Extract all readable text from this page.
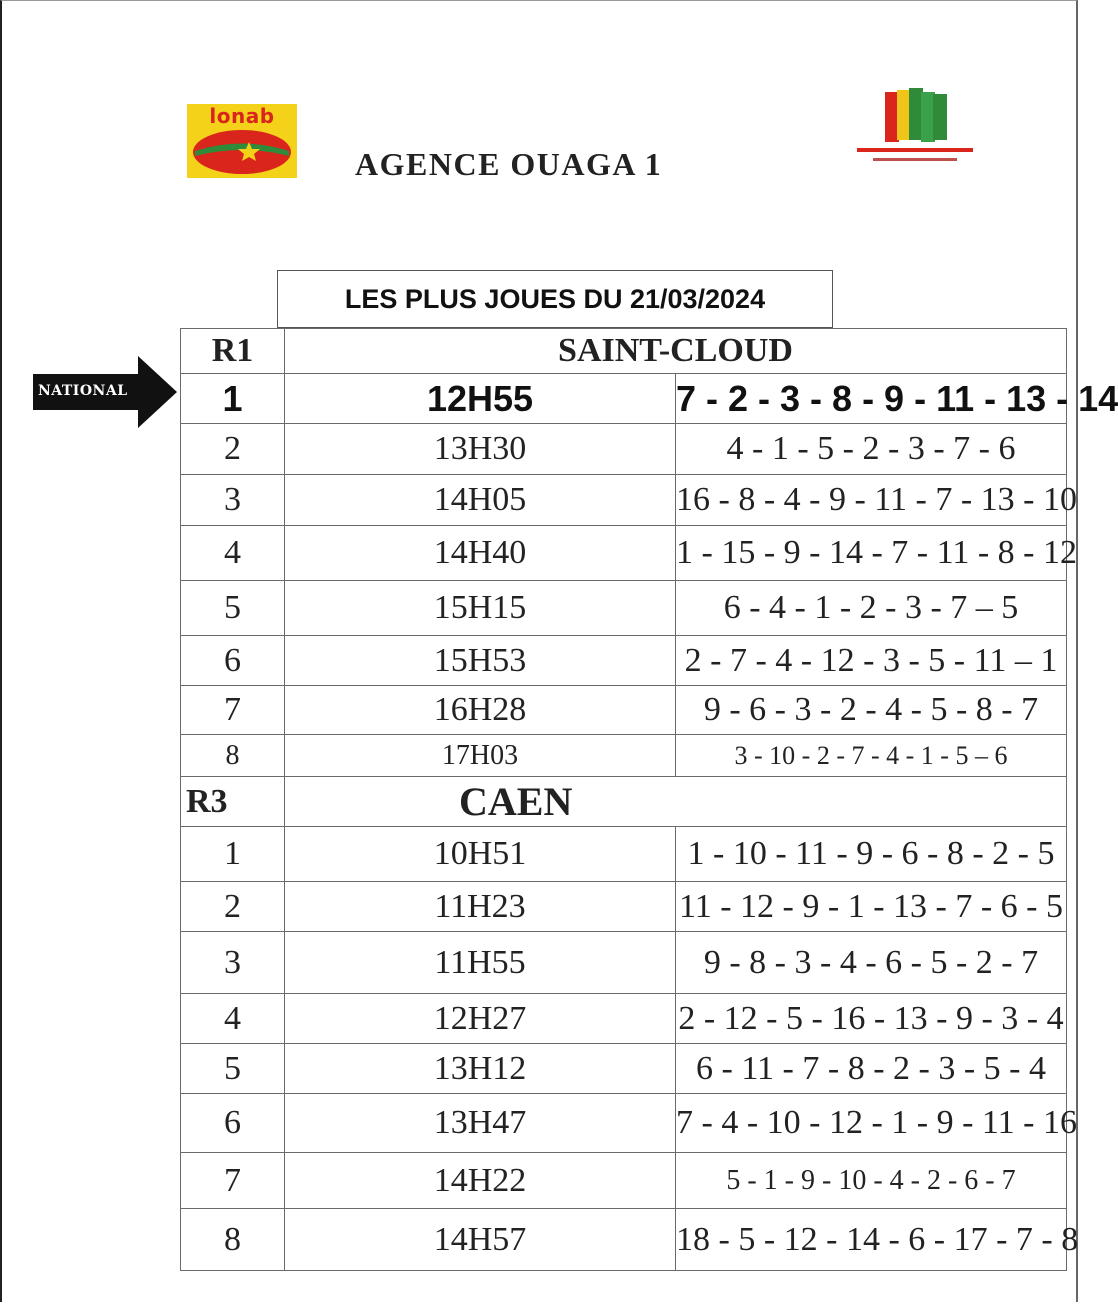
lonab
AGENCE OUAGA 1
LES PLUS JOUES DU 21/03/2024
NATIONAL
R1	SAINT-CLOUD	
1	12H55	7 - 2 - 3 - 8 - 9 - 11 - 13 - 14
2	13H30	4 - 1 - 5 - 2 - 3 - 7 - 6
3	14H05	16 - 8 - 4 - 9 - 11 - 7 - 13 - 10
4	14H40	1 - 15 - 9 - 14 - 7 - 11 - 8 - 12
5	15H15	6 - 4 - 1 - 2 - 3 - 7 – 5
6	15H53	2 - 7 - 4 - 12 - 3 - 5 - 11 – 1
7	16H28	9 - 6 - 3 - 2 - 4 - 5 - 8 - 7
8	17H03	3 - 10 - 2 - 7 - 4 - 1 - 5 – 6
R3	CAEN	
1	10H51	1 - 10 - 11 - 9 - 6 - 8 - 2 - 5
2	11H23	11 - 12 - 9 - 1 - 13 - 7 - 6 - 5
3	11H55	9 - 8 - 3 - 4 - 6 - 5 - 2 - 7
4	12H27	2 - 12 - 5 - 16 - 13 - 9 - 3 - 4
5	13H12	6 - 11 - 7 - 8 - 2 - 3 - 5 - 4
6	13H47	7 - 4 - 10 - 12 - 1 - 9 - 11 - 16
7	14H22	5 - 1 - 9 - 10 - 4 - 2 - 6 - 7
8	14H57	18 - 5 - 12 - 14 - 6 - 17 - 7 - 8
